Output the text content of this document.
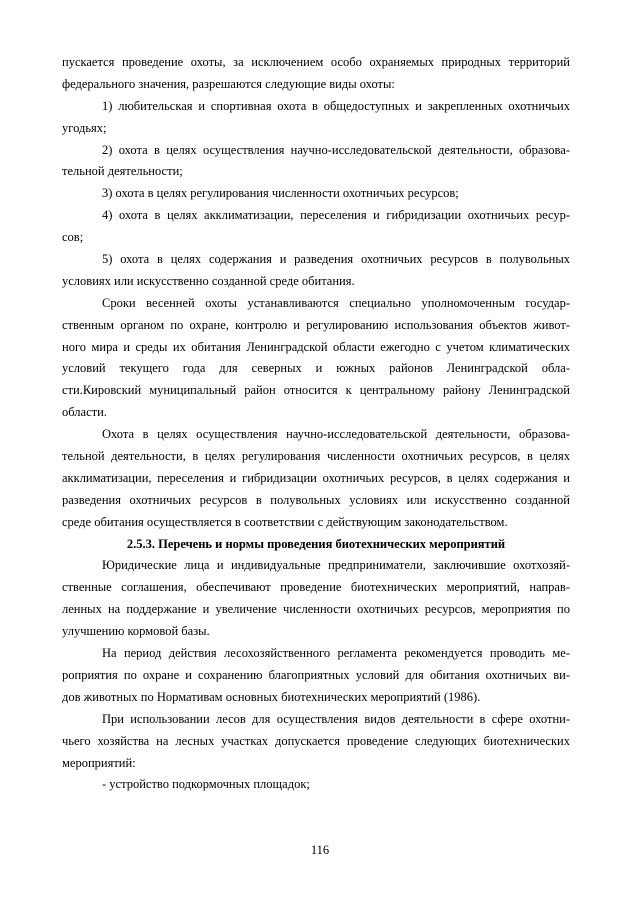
пускается проведение охоты, за исключением особо охраняемых природных территорий
федерального значения, разрешаются следующие виды охоты:
1) любительская и спортивная охота в общедоступных и закрепленных охотничьих
угодьях;
2) охота в целях осуществления научно-исследовательской деятельности, образова-
тельной деятельности;
3) охота в целях регулирования численности охотничьих ресурсов;
4) охота в целях акклиматизации, переселения и гибридизации охотничьих ресур-
сов;
5) охота в целях содержания и разведения охотничьих ресурсов в полувольных
условиях или искусственно созданной среде обитания.
Сроки весенней охоты устанавливаются специально уполномоченным государ-
ственным органом по охране, контролю и регулированию использования объектов живот-
ного мира и среды их обитания Ленинградской области ежегодно с учетом климатических
условий текущего года для северных и южных районов Ленинградской обла-
сти.Кировский муниципальный район относится к центральному району Ленинградской
области.
Охота в целях осуществления научно-исследовательской деятельности, образова-
тельной деятельности, в целях регулирования численности охотничьих ресурсов, в целях
акклиматизации, переселения и гибридизации охотничьих ресурсов, в целях содержания и
разведения охотничьих ресурсов в полувольных условиях или искусственно созданной
среде обитания осуществляется в соответствии с действующим законодательством.
2.5.3. Перечень и нормы проведения биотехнических мероприятий
Юридические лица и индивидуальные предприниматели, заключившие охотхозяй-
ственные соглашения, обеспечивают проведение биотехнических мероприятий, направ-
ленных на поддержание и увеличение численности охотничьих ресурсов, мероприятия по
улучшению кормовой базы.
На период действия лесохозяйственного регламента рекомендуется проводить ме-
роприятия по охране и сохранению благоприятных условий для обитания охотничьих ви-
дов животных по Нормативам основных биотехнических мероприятий (1986).
При использовании лесов для осуществления видов деятельности в сфере охотни-
чьего хозяйства на лесных участках допускается проведение следующих биотехнических
мероприятий:
- устройство подкормочных площадок;
116
